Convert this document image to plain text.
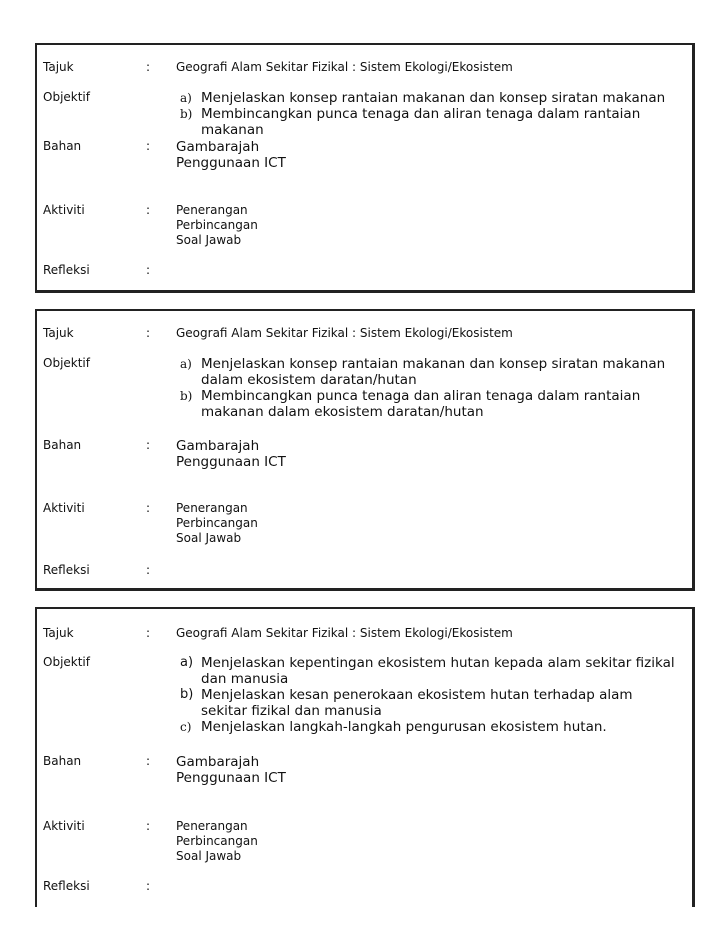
Tajuk	: Geografi Alam Sekitar Fizikal : Sistem Ekologi/Ekosistem
Objektif	a) Menjelaskan konsep rantaian makanan dan konsep siratan makanan
b) Membincangkan punca tenaga dan aliran tenaga dalam rantaian makanan
Bahan	: Gambarajah
Penggunaan ICT
Aktiviti	: Penerangan
Perbincangan
Soal Jawab
Refleksi	:
Tajuk	: Geografi Alam Sekitar Fizikal : Sistem Ekologi/Ekosistem
Objektif	a) Menjelaskan konsep rantaian makanan dan konsep siratan makanan dalam ekosistem daratan/hutan
b) Membincangkan punca tenaga dan aliran tenaga dalam rantaian makanan dalam ekosistem daratan/hutan
Bahan	: Gambarajah
Penggunaan ICT
Aktiviti	: Penerangan
Perbincangan
Soal Jawab
Refleksi	:
Tajuk	: Geografi Alam Sekitar Fizikal : Sistem Ekologi/Ekosistem
Objektif	a) Menjelaskan kepentingan ekosistem hutan kepada alam sekitar fizikal dan manusia
b) Menjelaskan kesan penerokaan ekosistem hutan terhadap alam sekitar fizikal dan manusia
c) Menjelaskan langkah-langkah pengurusan ekosistem hutan.
Bahan	: Gambarajah
Penggunaan ICT
Aktiviti	: Penerangan
Perbincangan
Soal Jawab
Refleksi	:
